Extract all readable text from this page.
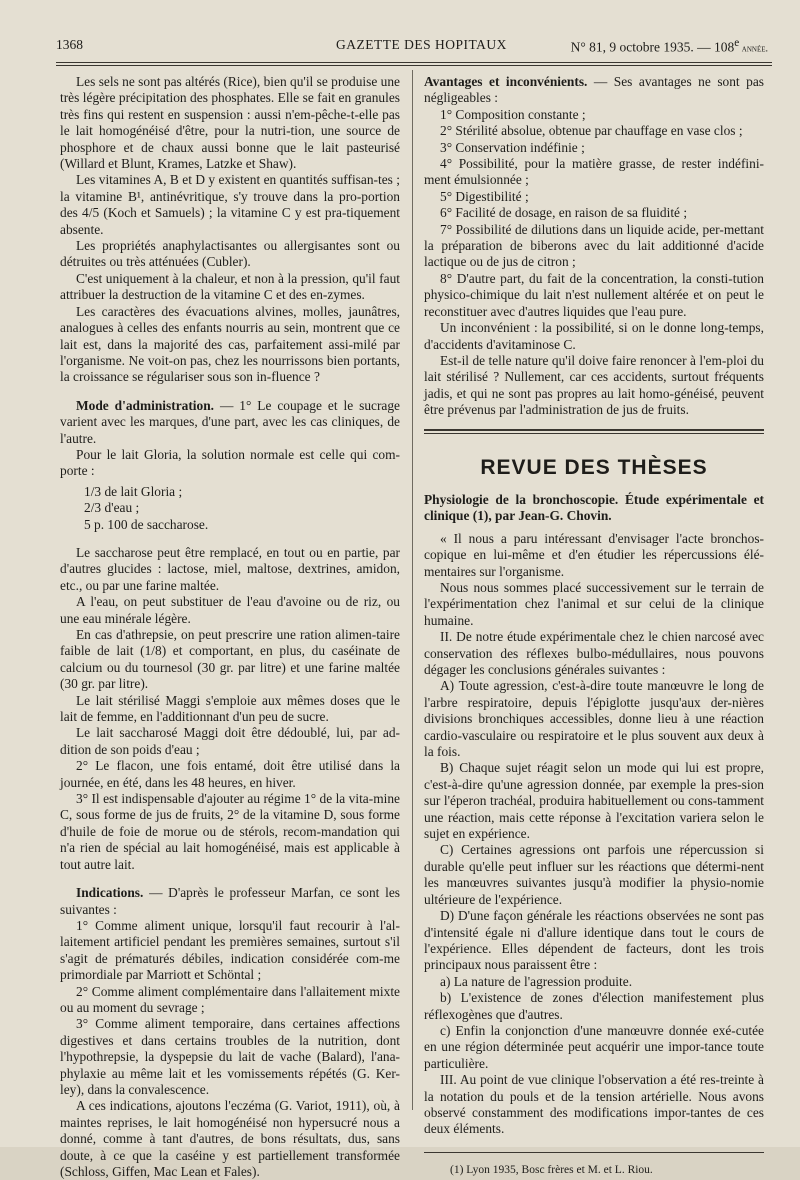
1368	GAZETTE DES HOPITAUX	N° 81, 9 octobre 1935. — 108e année.

Les sels ne sont pas altérés (Rice), bien qu'il se produise une très légère précipitation des phosphates. Elle se fait en granules très fins qui restent en suspension : aussi n'em-pêche-t-elle pas le lait homogénéisé d'être, pour la nutri-tion, une source de phosphore et de chaux aussi bonne que le lait pasteurisé (Willard et Blunt, Krames, Latzke et Shaw).

Les vitamines A, B et D y existent en quantités suffisan-tes ; la vitamine B¹, antinévritique, s'y trouve dans la pro-portion des 4/5 (Koch et Samuels) ; la vitamine C y est pra-tiquement absente.

Les propriétés anaphylactisantes ou allergisantes sont ou détruites ou très atténuées (Cubler).

C'est uniquement à la chaleur, et non à la pression, qu'il faut attribuer la destruction de la vitamine C et des en-zymes.

Les caractères des évacuations alvines, molles, jaunâtres, analogues à celles des enfants nourris au sein, montrent que ce lait est, dans la majorité des cas, parfaitement assi-milé par l'organisme. Ne voit-on pas, chez les nourrissons bien portants, la croissance se régulariser sous son in-fluence ?

Mode d'administration. — 1° Le coupage et le sucrage varient avec les marques, d'une part, avec les cas cliniques, de l'autre.

Pour le lait Gloria, la solution normale est celle qui com-porte :

1/3 de lait Gloria ;

2/3 d'eau ;

5 p. 100 de saccharose.

Le saccharose peut être remplacé, en tout ou en partie, par d'autres glucides : lactose, miel, maltose, dextrines, amidon, etc., ou par une farine maltée.

A l'eau, on peut substituer de l'eau d'avoine ou de riz, ou une eau minérale légère.

En cas d'athrepsie, on peut prescrire une ration alimen-taire faible de lait (1/8) et comportant, en plus, du caséinate de calcium ou du tournesol (30 gr. par litre) et une farine maltée (30 gr. par litre).

Le lait stérilisé Maggi s'emploie aux mêmes doses que le lait de femme, en l'additionnant d'un peu de sucre.

Le lait saccharosé Maggi doit être dédoublé, lui, par ad-dition de son poids d'eau ;

2° Le flacon, une fois entamé, doit être utilisé dans la journée, en été, dans les 48 heures, en hiver.

3° Il est indispensable d'ajouter au régime 1° de la vita-mine C, sous forme de jus de fruits, 2° de la vitamine D, sous forme d'huile de foie de morue ou de stérols, recom-mandation qui n'a rien de spécial au lait homogénéisé, mais est applicable à tout autre lait.

Indications. — D'après le professeur Marfan, ce sont les suivantes :

1° Comme aliment unique, lorsqu'il faut recourir à l'al-laitement artificiel pendant les premières semaines, surtout s'il s'agit de prématurés débiles, indication considérée com-me primordiale par Marriott et Schöntal ;

2° Comme aliment complémentaire dans l'allaitement mixte ou au moment du sevrage ;

3° Comme aliment temporaire, dans certaines affections digestives et dans certains troubles de la nutrition, dont l'hypothrepsie, la dyspepsie du lait de vache (Balard), l'ana-phylaxie au même lait et les vomissements répétés (G. Ker-ley), dans la convalescence.

A ces indications, ajoutons l'eczéma (G. Variot, 1911), où, à maintes reprises, le lait homogénéisé non hypersucré nous a donné, comme à tant d'autres, de bons résultats, dus, sans doute, à ce que la caséine y est partiellement transformée (Schloss, Giffen, Mac Lean et Fales).

Avantages et inconvénients. — Ses avantages ne sont pas négligeables :

1° Composition constante ;

2° Stérilité absolue, obtenue par chauffage en vase clos ;

3° Conservation indéfinie ;

4° Possibilité, pour la matière grasse, de rester indéfini-ment émulsionnée ;

5° Digestibilité ;

6° Facilité de dosage, en raison de sa fluidité ;

7° Possibilité de dilutions dans un liquide acide, per-mettant la préparation de biberons avec du lait additionné d'acide lactique ou de jus de citron ;

8° D'autre part, du fait de la concentration, la consti-tution physico-chimique du lait n'est nullement altérée et on peut le reconstituer avec d'autres liquides que l'eau pure.

Un inconvénient : la possibilité, si on le donne long-temps, d'accidents d'avitaminose C.

Est-il de telle nature qu'il doive faire renoncer à l'em-ploi du lait stérilisé ? Nullement, car ces accidents, surtout fréquents jadis, et qui ne sont pas propres au lait homo-généisé, peuvent être prévenus par l'administration de jus de fruits.

REVUE DES THÈSES

Physiologie de la bronchoscopie. Étude expérimentale et clinique (1), par Jean-G. Chovin.

« Il nous a paru intéressant d'envisager l'acte bronchos-copique en lui-même et d'en étudier les répercussions élé-mentaires sur l'organisme.

Nous nous sommes placé successivement sur le terrain de l'expérimentation chez l'animal et sur celui de la clinique humaine.

II. De notre étude expérimentale chez le chien narcosé avec conservation des réflexes bulbo-médullaires, nous pouvons dégager les conclusions générales suivantes :

A) Toute agression, c'est-à-dire toute manœuvre le long de l'arbre respiratoire, depuis l'épiglotte jusqu'aux der-nières divisions bronchiques accessibles, donne lieu à une réaction cardio-vasculaire ou respiratoire et le plus souvent aux deux à la fois.

B) Chaque sujet réagit selon un mode qui lui est propre, c'est-à-dire qu'une agression donnée, par exemple la pres-sion sur l'éperon trachéal, produira habituellement ou cons-tamment une réaction, mais cette réponse à l'excitation variera selon le sujet en expérience.

C) Certaines agressions ont parfois une répercussion si durable qu'elle peut influer sur les réactions que détermi-nent les manœuvres suivantes jusqu'à modifier la physio-nomie ultérieure de l'expérience.

D) D'une façon générale les réactions observées ne sont pas d'intensité égale ni d'allure identique dans tout le cours de l'expérience. Elles dépendent de facteurs, dont les trois principaux nous paraissent être :

a) La nature de l'agression produite.

b) L'existence de zones d'élection manifestement plus réflexogènes que d'autres.

c) Enfin la conjonction d'une manœuvre donnée exé-cutée en une région déterminée peut acquérir une impor-tance toute particulière.

III. Au point de vue clinique l'observation a été res-treinte à la notation du pouls et de la tension artérielle. Nous avons observé constamment des modifications impor-tantes de ces deux éléments.

(1) Lyon 1935, Bosc frères et M. et L. Riou.
